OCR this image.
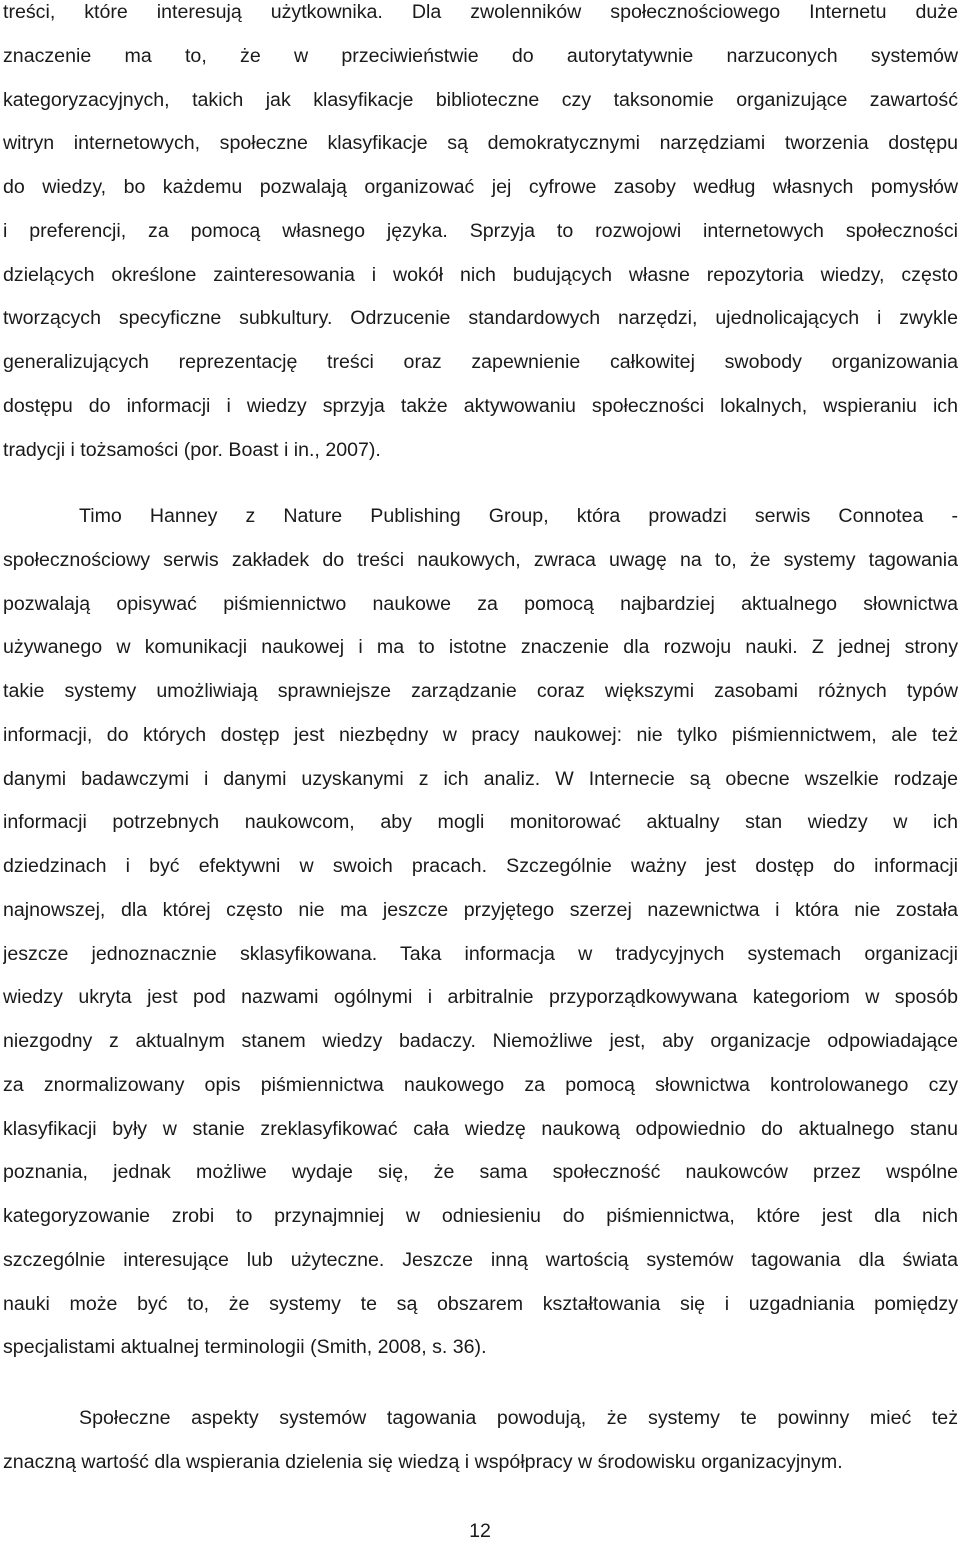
treści, które interesują użytkownika. Dla zwolenników społecznościowego Internetu duże
znaczenie ma to, że w przeciwieństwie do autorytatywnie narzuconych systemów
kategoryzacyjnych, takich jak klasyfikacje biblioteczne czy taksonomie organizujące zawartość
witryn internetowych, społeczne klasyfikacje są demokratycznymi narzędziami tworzenia dostępu
do wiedzy, bo każdemu pozwalają organizować jej cyfrowe zasoby według własnych pomysłów
i preferencji, za pomocą własnego języka. Sprzyja to rozwojowi internetowych społeczności
dzielących określone zainteresowania i wokół nich budujących własne repozytoria wiedzy, często
tworzących specyficzne subkultury. Odrzucenie standardowych narzędzi, ujednolicających i zwykle
generalizujących reprezentację treści oraz zapewnienie całkowitej swobody organizowania
dostępu do informacji i wiedzy sprzyja także aktywowaniu społeczności lokalnych, wspieraniu ich
tradycji i tożsamości (por. Boast i in., 2007).
Timo Hanney z Nature Publishing Group, która prowadzi serwis Connotea -
społecznościowy serwis zakładek do treści naukowych, zwraca uwagę na to, że systemy tagowania
pozwalają opisywać piśmiennictwo naukowe za pomocą najbardziej aktualnego słownictwa
używanego w komunikacji naukowej i ma to istotne znaczenie dla rozwoju nauki. Z jednej strony
takie systemy umożliwiają sprawniejsze zarządzanie coraz większymi zasobami różnych typów
informacji, do których dostęp jest niezbędny w pracy naukowej: nie tylko piśmiennictwem, ale też
danymi badawczymi i danymi uzyskanymi z ich analiz. W Internecie są obecne wszelkie rodzaje
informacji potrzebnych naukowcom, aby mogli monitorować aktualny stan wiedzy w ich
dziedzinach i być efektywni w swoich pracach. Szczególnie ważny jest dostęp do informacji
najnowszej, dla której często nie ma jeszcze przyjętego szerzej nazewnictwa i która nie została
jeszcze jednoznacznie sklasyfikowana. Taka informacja w tradycyjnych systemach organizacji
wiedzy ukryta jest pod nazwami ogólnymi i arbitralnie przyporządkowywana kategoriom w sposób
niezgodny z aktualnym stanem wiedzy badaczy. Niemożliwe jest, aby organizacje odpowiadające
za znormalizowany opis piśmiennictwa naukowego za pomocą słownictwa kontrolowanego czy
klasyfikacji były w stanie zreklasyfikować cała wiedzę naukową odpowiednio do aktualnego stanu
poznania, jednak możliwe wydaje się, że sama społeczność naukowców przez wspólne
kategoryzowanie zrobi to przynajmniej w odniesieniu do piśmiennictwa, które jest dla nich
szczególnie interesujące lub użyteczne. Jeszcze inną wartością systemów tagowania dla świata
nauki może być to, że systemy te są obszarem kształtowania się i uzgadniania pomiędzy
specjalistami aktualnej terminologii (Smith, 2008, s. 36).
Społeczne aspekty systemów tagowania powodują, że systemy te powinny mieć też
znaczną wartość dla wspierania dzielenia się wiedzą i współpracy w środowisku organizacyjnym.
12
